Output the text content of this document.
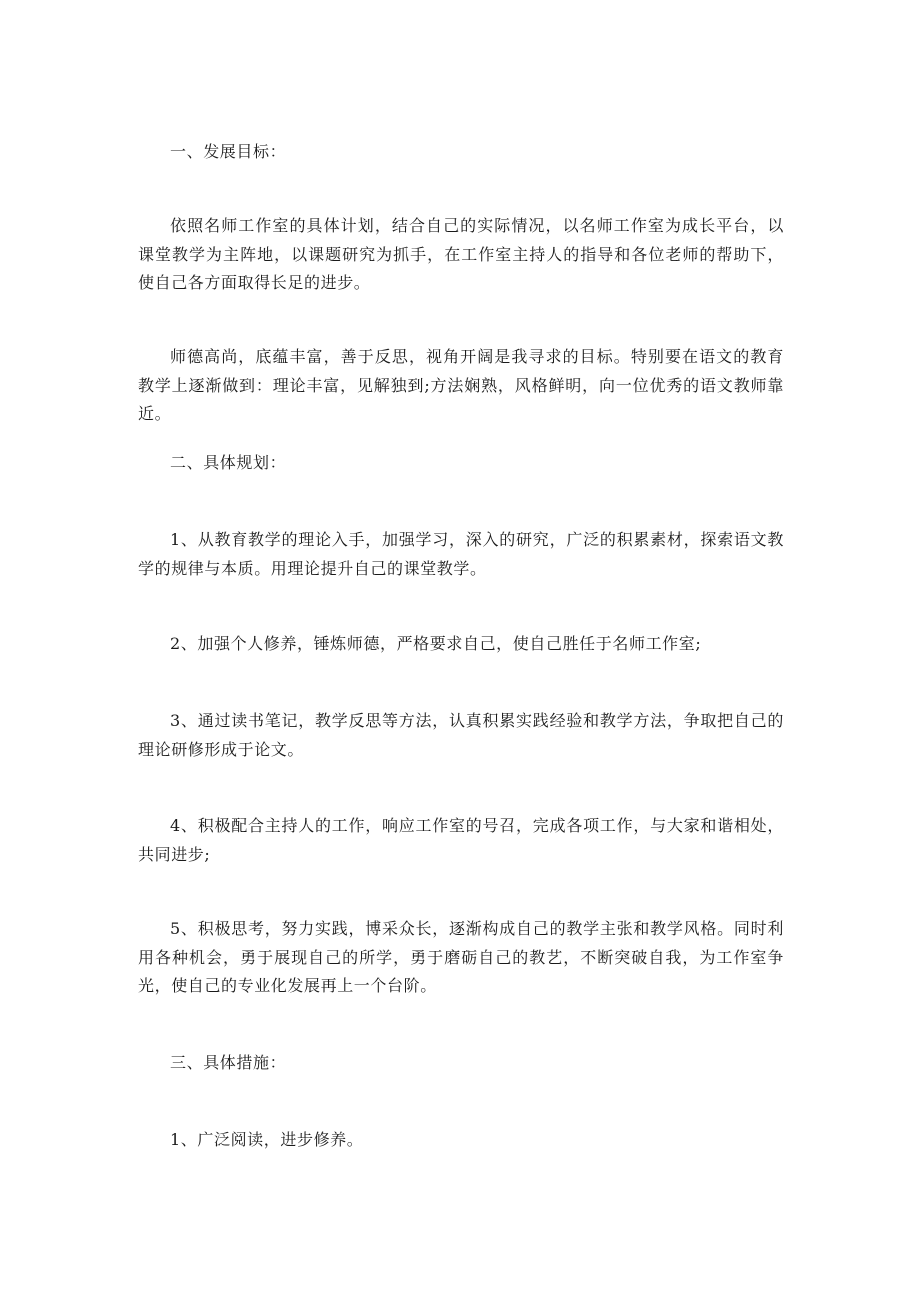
一、发展目标：

依照名师工作室的具体计划，结合自己的实际情况，以名师工作室为成长平台，以课堂教学为主阵地，以课题研究为抓手，在工作室主持人的指导和各位老师的帮助下，使自己各方面取得长足的进步。

师德高尚，底蕴丰富，善于反思，视角开阔是我寻求的目标。特别要在语文的教育教学上逐渐做到：理论丰富，见解独到;方法娴熟，风格鲜明，向一位优秀的语文教师靠近。

二、具体规划：

1、从教育教学的理论入手，加强学习，深入的研究，广泛的积累素材，探索语文教学的规律与本质。用理论提升自己的课堂教学。

2、加强个人修养，锤炼师德，严格要求自己，使自己胜任于名师工作室;

3、通过读书笔记，教学反思等方法，认真积累实践经验和教学方法，争取把自己的理论研修形成于论文。

4、积极配合主持人的工作，响应工作室的号召，完成各项工作，与大家和谐相处，共同进步;

5、积极思考，努力实践，博采众长，逐渐构成自己的教学主张和教学风格。同时利用各种机会，勇于展现自己的所学，勇于磨砺自己的教艺，不断突破自我，为工作室争光，使自己的专业化发展再上一个台阶。

三、具体措施：

1、广泛阅读，进步修养。
